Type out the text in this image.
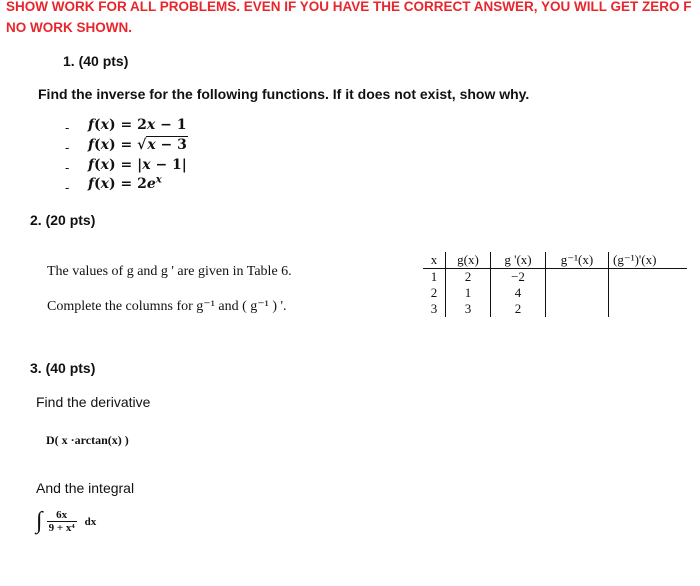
SHOW WORK FOR ALL PROBLEMS. EVEN IF YOU HAVE THE CORRECT ANSWER, YOU WILL GET ZERO F
NO WORK SHOWN.
1. (40 pts)
Find the inverse for the following functions. If it does not exist, show why.
- f(x) = 2x − 1
- f(x) = √x − 3
- f(x) = |x − 1|
- $f(x) = 2e^x$
2. (20 pts)
The values of g and g ' are given in Table 6.
Complete the columns for g⁻¹ and ( g⁻¹ ) '.
x	g(x)	g '(x)	g⁻¹(x)	(g⁻¹)'(x)
1	2	−2		
2	1	4		
3	3	2		
3. (40 pts)
Find the derivative
D( x ·arctan(x) )
And the integral
∫ $\frac{6x}{\text{9 + x⁴}}$ dx
